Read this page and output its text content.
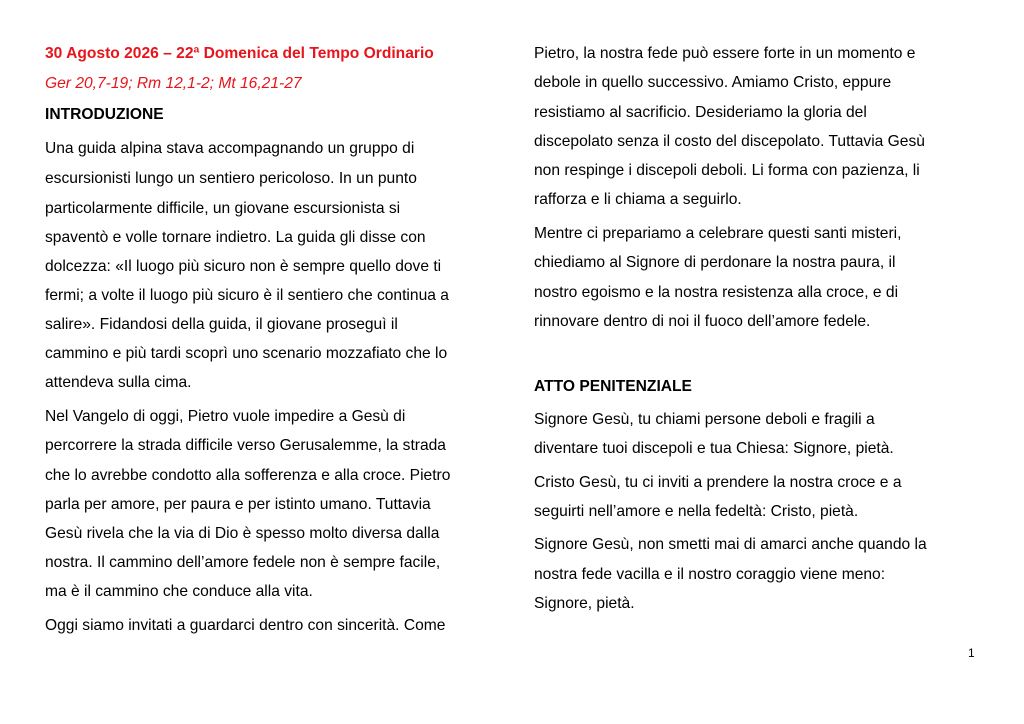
30 Agosto 2026 – 22ª Domenica del Tempo Ordinario
Ger 20,7-19; Rm 12,1-2; Mt 16,21-27
INTRODUZIONE
Una guida alpina stava accompagnando un gruppo di
escursionisti lungo un sentiero pericoloso. In un punto
particolarmente difficile, un giovane escursionista si
spaventò e volle tornare indietro. La guida gli disse con
dolcezza: «Il luogo più sicuro non è sempre quello dove ti
fermi; a volte il luogo più sicuro è il sentiero che continua a
salire». Fidandosi della guida, il giovane proseguì il
cammino e più tardi scoprì uno scenario mozzafiato che lo
attendeva sulla cima.
Nel Vangelo di oggi, Pietro vuole impedire a Gesù di
percorrere la strada difficile verso Gerusalemme, la strada
che lo avrebbe condotto alla sofferenza e alla croce. Pietro
parla per amore, per paura e per istinto umano. Tuttavia
Gesù rivela che la via di Dio è spesso molto diversa dalla
nostra. Il cammino dell’amore fedele non è sempre facile,
ma è il cammino che conduce alla vita.
Oggi siamo invitati a guardarci dentro con sincerità. Come
Pietro, la nostra fede può essere forte in un momento e
debole in quello successivo. Amiamo Cristo, eppure
resistiamo al sacrificio. Desideriamo la gloria del
discepolato senza il costo del discepolato. Tuttavia Gesù
non respinge i discepoli deboli. Li forma con pazienza, li
rafforza e li chiama a seguirlo.
Mentre ci prepariamo a celebrare questi santi misteri,
chiediamo al Signore di perdonare la nostra paura, il
nostro egoismo e la nostra resistenza alla croce, e di
rinnovare dentro di noi il fuoco dell’amore fedele.
ATTO PENITENZIALE
Signore Gesù, tu chiami persone deboli e fragili a
diventare tuoi discepoli e tua Chiesa: Signore, pietà.
Cristo Gesù, tu ci inviti a prendere la nostra croce e a
seguirti nell’amore e nella fedeltà: Cristo, pietà.
Signore Gesù, non smetti mai di amarci anche quando la
nostra fede vacilla e il nostro coraggio viene meno:
Signore, pietà.
1
